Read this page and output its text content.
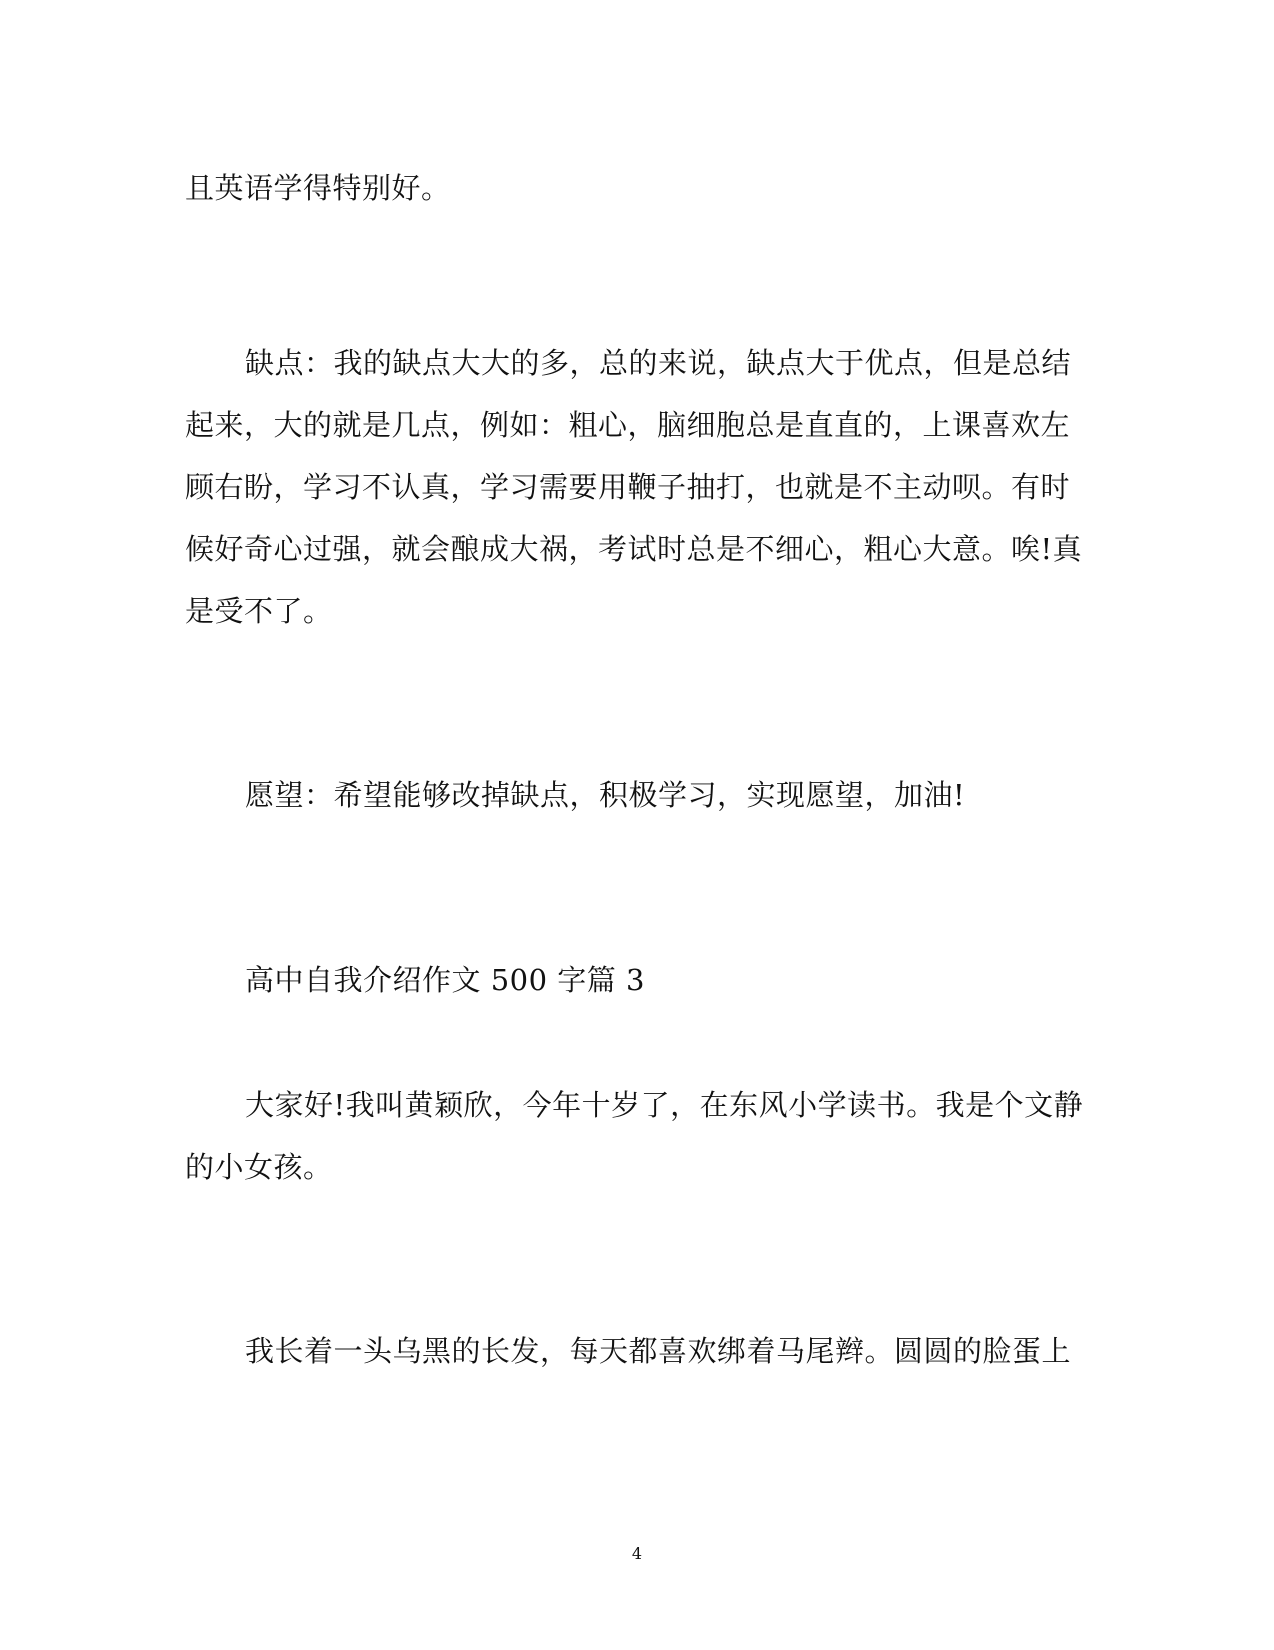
且英语学得特别好。
缺点：我的缺点大大的多，总的来说，缺点大于优点，但是总结
起来，大的就是几点，例如：粗心，脑细胞总是直直的，上课喜欢左
顾右盼，学习不认真，学习需要用鞭子抽打，也就是不主动呗。有时
候好奇心过强，就会酿成大祸，考试时总是不细心，粗心大意。唉!真
是受不了。
愿望：希望能够改掉缺点，积极学习，实现愿望，加油!
高中自我介绍作文 500 字篇 3
大家好!我叫黄颖欣，今年十岁了，在东风小学读书。我是个文静
的小女孩。
我长着一头乌黑的长发，每天都喜欢绑着马尾辫。圆圆的脸蛋上
4
